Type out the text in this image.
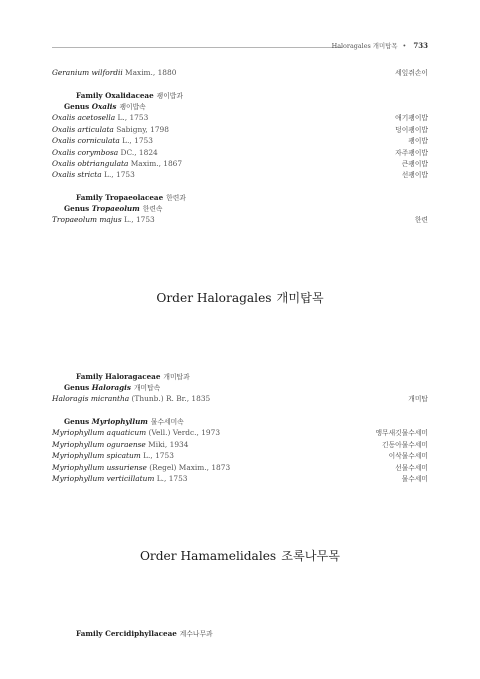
Haloragales 개미탑목 • 733
Geranium wilfordii Maxim., 1880	세잎쥐손이
Family Oxalidaceae 괭이밥과
Genus Oxalis 괭이밥속
Oxalis acetosella L., 1753	애기괭이밥
Oxalis articulata Sabigny, 1798	덩이괭이밥
Oxalis corniculata L., 1753	괭이밥
Oxalis corymbosa DC., 1824	자주괭이밥
Oxalis obtriangulata Maxim., 1867	큰괭이밥
Oxalis stricta L., 1753	선괭이밥
Family Tropaeolaceae 한련과
Genus Tropaeolum 한련속
Tropaeolum majus L., 1753	한련
Order Haloragales 개미탑목
Family Haloragaceae 개미탑과
Genus Haloragis 개미탑속
Haloragis micrantha (Thunb.) R. Br., 1835	개미탑
Genus Myriophyllum 물수세미속
Myriophyllum aquaticum (Vell.) Verdc., 1973	앵무새깃물수세미
Myriophyllum oguraense Miki, 1934	긴동아물수세미
Myriophyllum spicatum L., 1753	이삭물수세미
Myriophyllum ussuriense (Regel) Maxim., 1873	선물수세미
Myriophyllum verticillatum L., 1753	물수세미
Order Hamamelidales 조록나무목
Family Cercidiphyllaceae 계수나무과
